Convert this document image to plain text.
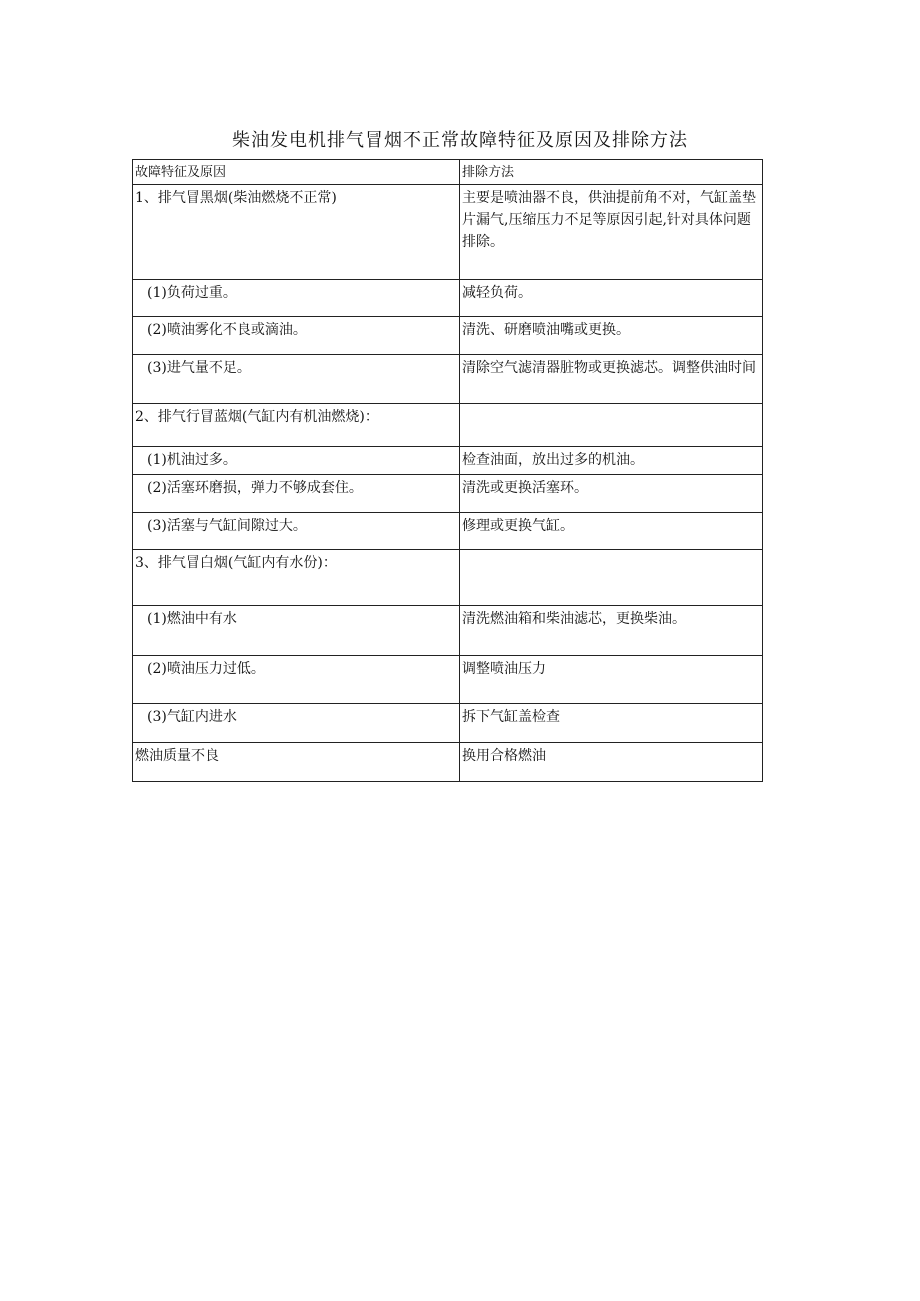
柴油发电机排气冒烟不正常故障特征及原因及排除方法
故障特征及原因	排除方法
1、排气冒黑烟(柴油燃烧不正常)	主要是喷油器不良，供油提前角不对，气缸盖垫片漏气,压缩压力不足等原因引起,针对具体问题排除。
(1)负荷过重。	减轻负荷。
(2)喷油雾化不良或滴油。	清洗、研磨喷油嘴或更换。
(3)进气量不足。	清除空气滤清器脏物或更换滤芯。调整供油时间
2、排气行冒蓝烟(气缸内有机油燃烧)：	
(1)机油过多。	检查油面，放出过多的机油。
(2)活塞环磨损，弹力不够成套住。	清洗或更换活塞环。
(3)活塞与气缸间隙过大。	修理或更换气缸。
3、排气冒白烟(气缸内有水份)：	
(1)燃油中有水	清洗燃油箱和柴油滤芯，更换柴油。
(2)喷油压力过低。	调整喷油压力
(3)气缸内进水	拆下气缸盖检查
燃油质量不良	换用合格燃油
